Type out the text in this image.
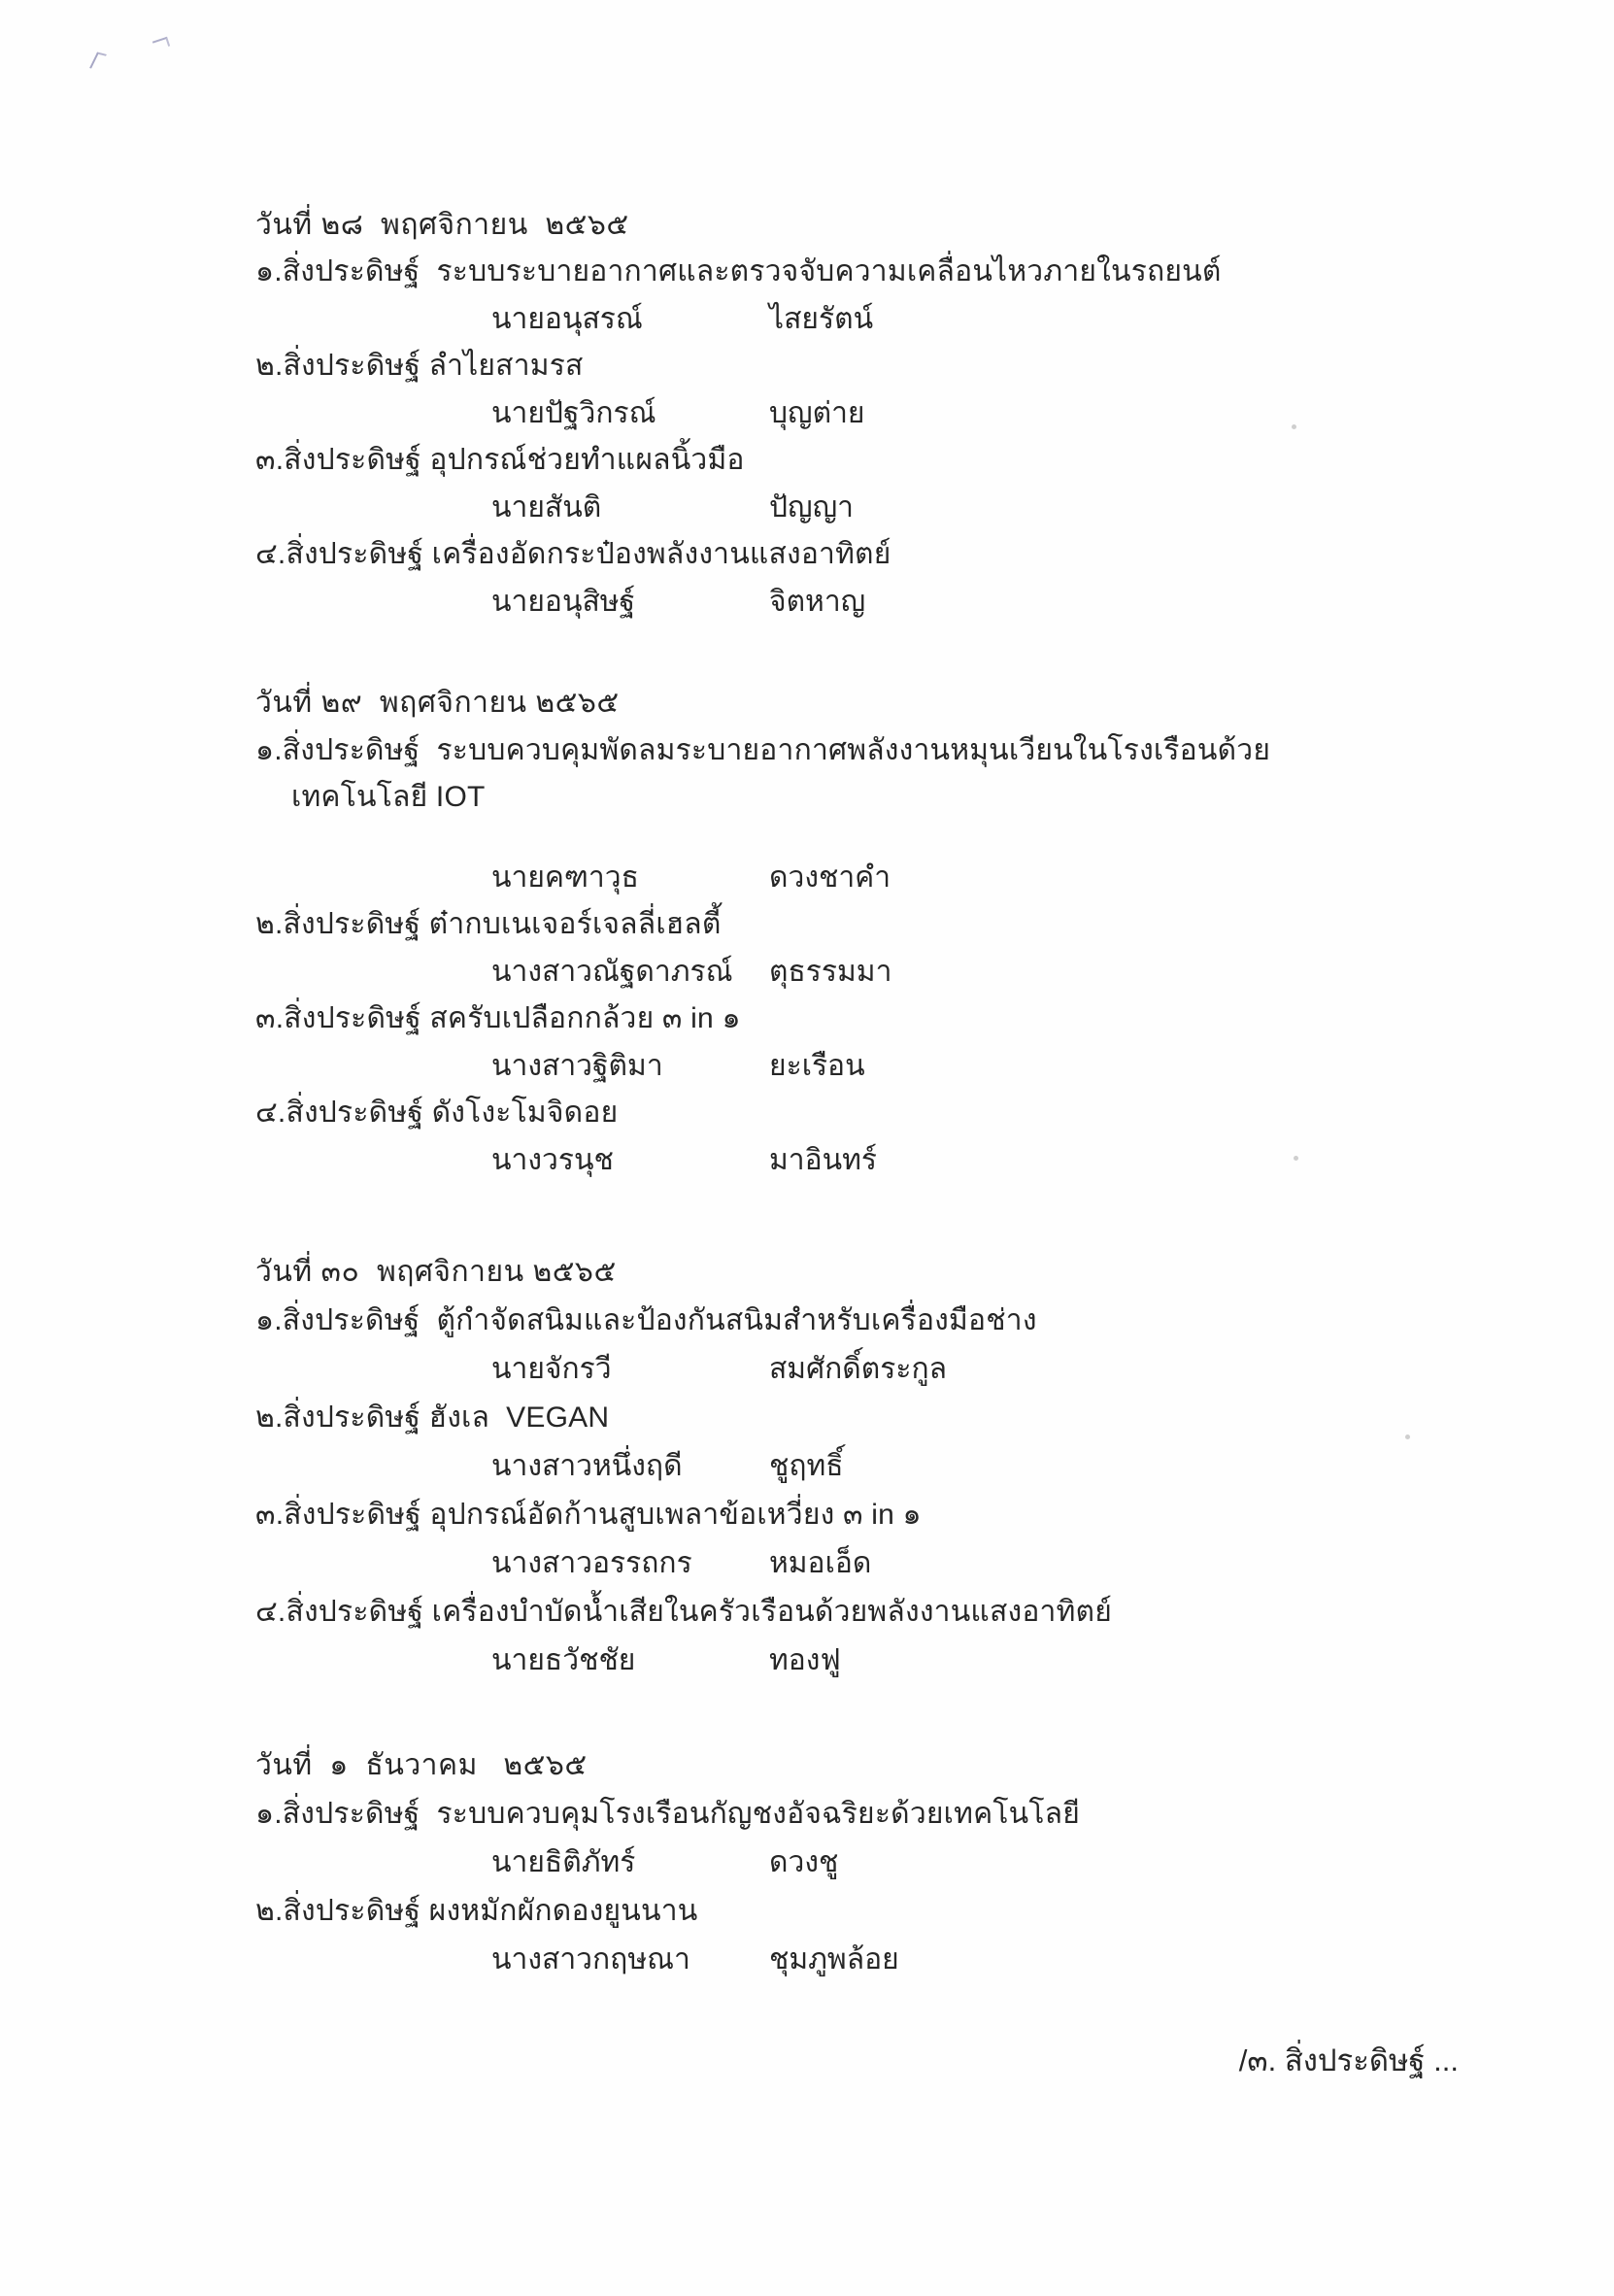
วันที่ ๒๘  พฤศจิกายน  ๒๕๖๕
๑.สิ่งประดิษฐ์  ระบบระบายอากาศและตรวจจับความเคลื่อนไหวภายในรถยนต์
นายอนุสรณ์	ไสยรัตน์
๒.สิ่งประดิษฐ์ ลำไยสามรส
นายปัฐวิกรณ์	บุญต่าย
๓.สิ่งประดิษฐ์ อุปกรณ์ช่วยทำแผลนิ้วมือ
นายสันติ	ปัญญา
๔.สิ่งประดิษฐ์ เครื่องอัดกระป๋องพลังงานแสงอาทิตย์
นายอนุสิษฐ์	จิตหาญ
วันที่ ๒๙  พฤศจิกายน ๒๕๖๕
๑.สิ่งประดิษฐ์  ระบบควบคุมพัดลมระบายอากาศพลังงานหมุนเวียนในโรงเรือนด้วย
เทคโนโลยี IOT
นายคฑาวุธ	ดวงชาคำ
๒.สิ่งประดิษฐ์ ต๋ากบเนเจอร์เจลลี่เฮลตี้
นางสาวณัฐดาภรณ์	ตุธรรมมา
๓.สิ่งประดิษฐ์ สครับเปลือกกล้วย ๓ in ๑
นางสาวฐิติมา	ยะเรือน
๔.สิ่งประดิษฐ์ ดังโงะโมจิดอย
นางวรนุช	มาอินทร์
วันที่ ๓๐  พฤศจิกายน ๒๕๖๕
๑.สิ่งประดิษฐ์  ตู้กำจัดสนิมและป้องกันสนิมสำหรับเครื่องมือช่าง
นายจักรวี	สมศักดิ์ตระกูล
๒.สิ่งประดิษฐ์ ฮังเล  VEGAN
นางสาวหนึ่งฤดี	ชูฤทธิ์
๓.สิ่งประดิษฐ์ อุปกรณ์อัดก้านสูบเพลาข้อเหวี่ยง ๓ in ๑
นางสาวอรรถกร	หมอเอ็ด
๔.สิ่งประดิษฐ์ เครื่องบำบัดน้ำเสียในครัวเรือนด้วยพลังงานแสงอาทิตย์
นายธวัชชัย	ทองฟู
วันที่  ๑  ธันวาคม   ๒๕๖๕
๑.สิ่งประดิษฐ์  ระบบควบคุมโรงเรือนกัญชงอัจฉริยะด้วยเทคโนโลยี
นายธิติภัทร์	ดวงชู
๒.สิ่งประดิษฐ์ ผงหมักผักดองยูนนาน
นางสาวกฤษณา	ชุมภูพล้อย
/๓. สิ่งประดิษฐ์ ...
